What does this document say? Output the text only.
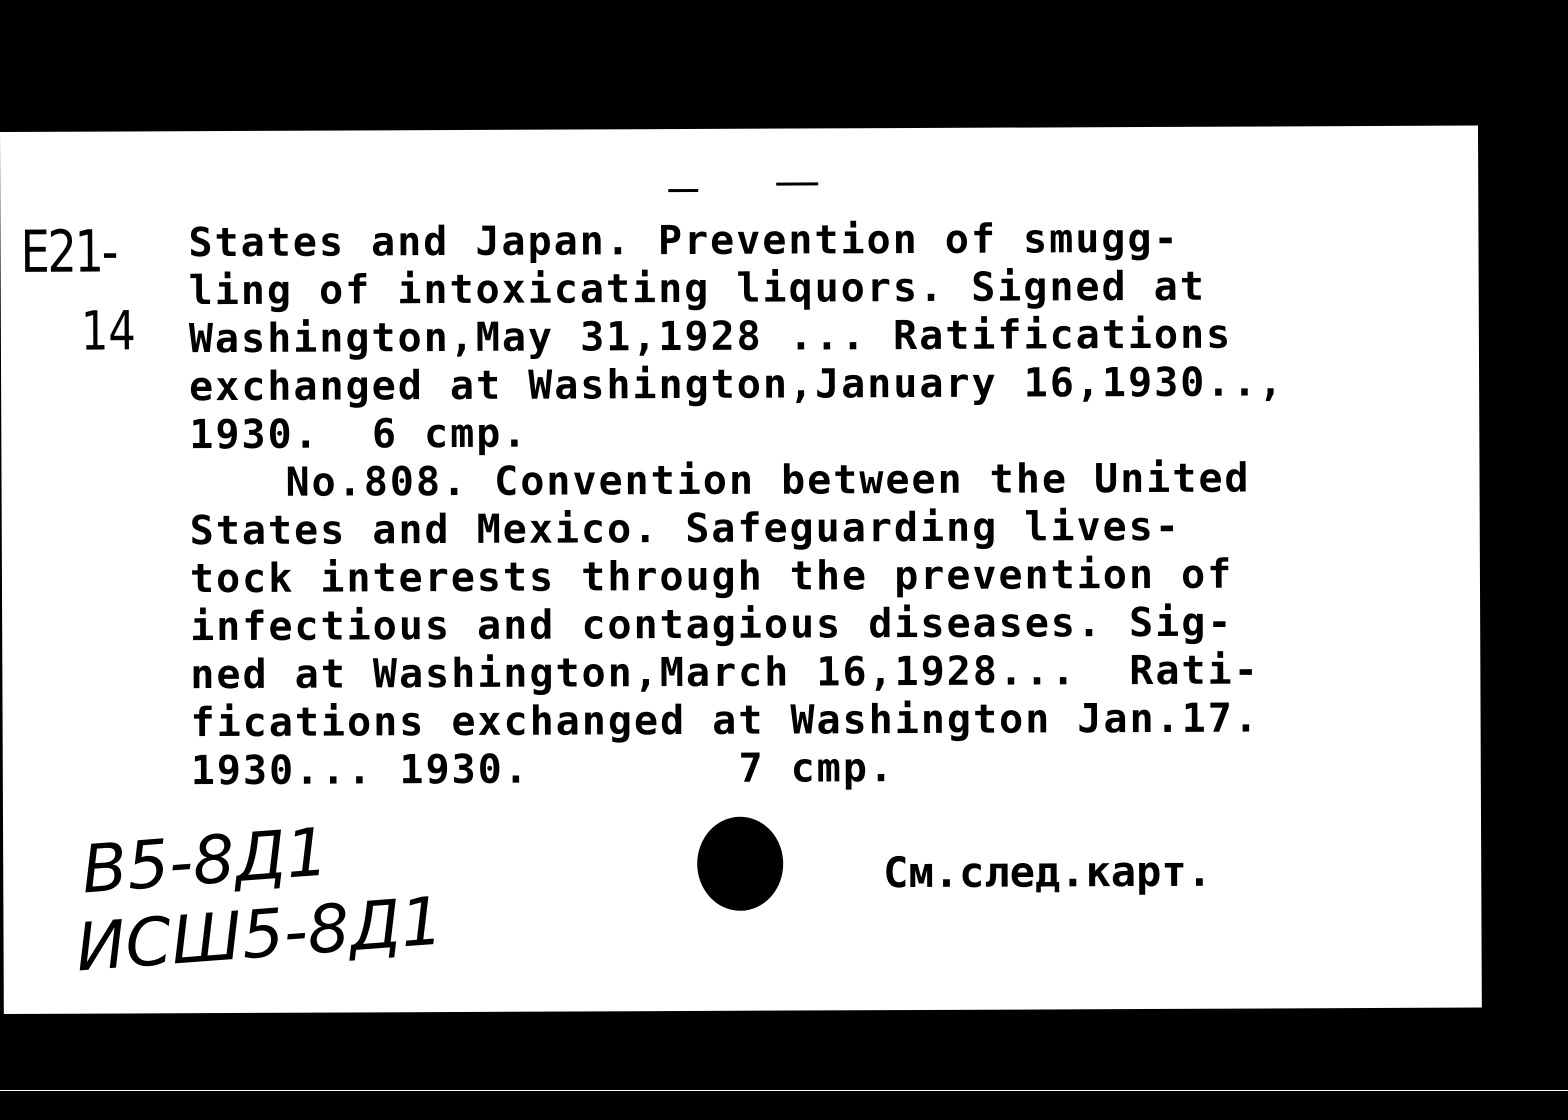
E21-
14
States and Japan. Prevention of smugg-
ling of intoxicating liquors. Signed at
Washington,May 31,1928 ... Ratifications
exchanged at Washington,January 16,1930..,
1930.  6 cmp.
No.808. Convention between the United
States and Mexico. Safeguarding lives-
tock interests through the prevention of
infectious and contagious diseases. Sig-
ned at Washington,March 16,1928...  Rati-
fications exchanged at Washington Jan.17.
1930... 1930.        7 cmp.
В5-8Д1
ИСШ5-8Д1
См.след.карт.
